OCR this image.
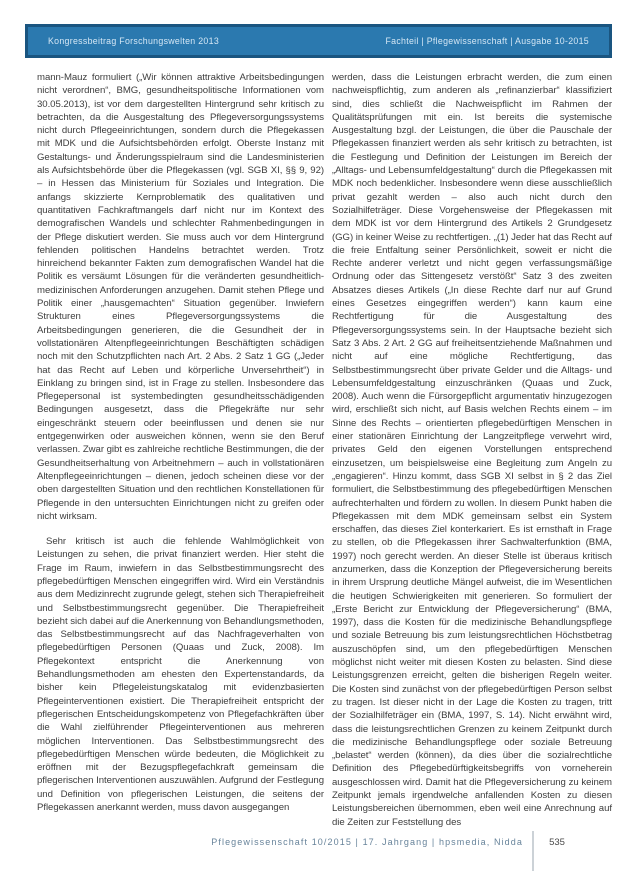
Kongressbeitrag Forschungswelten 2013	Fachteil | Pflegewissenschaft | Ausgabe 10-2015

mann-Mauz formuliert („Wir können attraktive Arbeitsbedingungen nicht verordnen“, BMG, gesundheitspolitische Informationen vom 30.05.2013), ist vor dem dargestellten Hintergrund sehr kritisch zu betrachten, da die Ausgestaltung des Pflegeversorgungssystems nicht durch Pflegeeinrichtungen, sondern durch die Pflegekassen mit MDK und die Aufsichtsbehörden erfolgt. Oberste Instanz mit Gestaltungs- und Änderungsspielraum sind die Landesministerien als Aufsichtsbehörde über die Pflegekassen (vgl. SGB XI, §§ 9, 92) – in Hessen das Ministerium für Soziales und Integration. Die anfangs skizzierte Kernproblematik des qualitativen und quantitativen Fachkraftmangels darf nicht nur im Kontext des demografischen Wandels und schlechter Rahmenbedingungen in der Pflege diskutiert werden. Sie muss auch vor dem Hintergrund fehlenden politischen Handelns betrachtet werden. Trotz hinreichend bekannter Fakten zum demografischen Wandel hat die Politik es versäumt Lösungen für die veränderten gesundheitlich-medizinischen Anforderungen anzugehen. Damit stehen Pflege und Politik einer „hausgemachten“ Situation gegenüber. Inwiefern Strukturen eines Pflegeversorgungssystems die Arbeitsbedingungen generieren, die die Gesundheit der in vollstationären Altenpflegeeinrichtungen Beschäftigten schädigen noch mit den Schutzpflichten nach Art. 2 Abs. 2 Satz 1 GG („Jeder hat das Recht auf Leben und körperliche Unversehrtheit“) in Einklang zu bringen sind, ist in Frage zu stellen. Insbesondere das Pflegepersonal ist systembedingten gesundheitsschädigenden Bedingungen ausgesetzt, dass die Pflegekräfte nur sehr eingeschränkt steuern oder beeinflussen und denen sie nur entgegenwirken oder ausweichen können, wenn sie den Beruf verlassen. Zwar gibt es zahlreiche rechtliche Bestimmungen, die der Gesundheitserhaltung von Arbeitnehmern – auch in vollstationären Altenpflegeeinrichtungen – dienen, jedoch scheinen diese vor der oben dargestellten Situation und den rechtlichen Konstellationen für Pflegende in den untersuchten Einrichtungen nicht zu greifen oder nicht wirksam.

Sehr kritisch ist auch die fehlende Wahlmöglichkeit von Leistungen zu sehen, die privat finanziert werden. Hier steht die Frage im Raum, inwiefern in das Selbstbestimmungsrecht des pflegebedürftigen Menschen eingegriffen wird. Wird ein Verständnis aus dem Medizinrecht zugrunde gelegt, stehen sich Therapiefreiheit und Selbstbestimmungsrecht gegenüber. Die Therapiefreiheit bezieht sich dabei auf die Anerkennung von Behandlungsmethoden, das Selbstbestimmungsrecht auf das Nachfrageverhalten von pflegebedürftigen Personen (Quaas und Zuck, 2008). Im Pflegekontext entspricht die Anerkennung von Behandlungsmethoden am ehesten den Expertenstandards, da bisher kein Pflegeleistungskatalog mit evidenzbasierten Pflegeinterventionen existiert. Die Therapiefreiheit entspricht der pflegerischen Entscheidungskompetenz von Pflegefachkräften über die Wahl zielführender Pflegeinterventionen aus mehreren möglichen Interventionen. Das Selbstbestimmungsrecht des pflegebedürftigen Menschen würde bedeuten, die Möglichkeit zu eröffnen mit der Bezugspflegefachkraft gemeinsam die pflegerischen Interventionen auszuwählen. Aufgrund der Festlegung und Definition von pflegerischen Leistungen, die seitens der Pflegekassen anerkannt werden, muss davon ausgegangen

werden, dass die Leistungen erbracht werden, die zum einen nachweispflichtig, zum anderen als „refinanzierbar“ klassifiziert sind, dies schließt die Nachweispflicht im Rahmen der Qualitätsprüfungen mit ein. Ist bereits die systemische Ausgestaltung bzgl. der Leistungen, die über die Pauschale der Pflegekassen finanziert werden als sehr kritisch zu betrachten, ist die Festlegung und Definition der Leistungen im Bereich der „Alltags- und Lebensumfeldgestaltung“ durch die Pflegekassen mit MDK noch bedenklicher. Insbesondere wenn diese ausschließlich privat gezahlt werden – also auch nicht durch den Sozialhilfeträger. Diese Vorgehensweise der Pflegekassen mit dem MDK ist vor dem Hintergrund des Artikels 2 Grundgesetz (GG) in keiner Weise zu rechtfertigen. „(1) Jeder hat das Recht auf die freie Entfaltung seiner Persönlichkeit, soweit er nicht die Rechte anderer verletzt und nicht gegen verfassungsmäßige Ordnung oder das Sittengesetz verstößt“ Satz 3 des zweiten Absatzes dieses Artikels („In diese Rechte darf nur auf Grund eines Gesetzes eingegriffen werden“) kann kaum eine Rechtfertigung für die Ausgestaltung des Pflegeversorgungssystems sein. In der Hauptsache bezieht sich Satz 3 Abs. 2 Art. 2 GG auf freiheitsentziehende Maßnahmen und nicht auf eine mögliche Rechtfertigung, das Selbstbestimmungsrecht über private Gelder und die Alltags- und Lebensumfeldgestaltung einzuschränken (Quaas und Zuck, 2008). Auch wenn die Fürsorgepflicht argumentativ hinzugezogen wird, erschließt sich nicht, auf Basis welchen Rechts einem – im Sinne des Rechts – orientierten pflegebedürftigen Menschen in einer stationären Einrichtung der Langzeitpflege verwehrt wird, privates Geld den eigenen Vorstellungen entsprechend einzusetzen, um beispielsweise eine Begleitung zum Angeln zu „engagieren“. Hinzu kommt, dass SGB XI selbst in § 2 das Ziel formuliert, die Selbstbestimmung des pflegebedürftigen Menschen aufrechterhalten und fördern zu wollen. In diesem Punkt haben die Pflegekassen mit dem MDK gemeinsam selbst ein System erschaffen, das dieses Ziel konterkariert. Es ist ernsthaft in Frage zu stellen, ob die Pflegekassen ihrer Sachwalterfunktion (BMA, 1997) noch gerecht werden. An dieser Stelle ist überaus kritisch anzumerken, dass die Konzeption der Pflegeversicherung bereits in ihrem Ursprung deutliche Mängel aufweist, die im Wesentlichen die heutigen Schwierigkeiten mit generieren. So formuliert der „Erste Bericht zur Entwicklung der Pflegeversicherung“ (BMA, 1997), dass die Kosten für die medizinische Behandlungspflege und soziale Betreuung bis zum leistungsrechtlichen Höchstbetrag auszuschöpfen sind, um den pflegebedürftigen Menschen möglichst nicht weiter mit diesen Kosten zu belasten. Sind diese Leistungsgrenzen erreicht, gelten die bisherigen Regeln weiter. Die Kosten sind zunächst von der pflegebedürftigen Person selbst zu tragen. Ist dieser nicht in der Lage die Kosten zu tragen, tritt der Sozialhilfeträger ein (BMA, 1997, S. 14). Nicht erwähnt wird, dass die leistungsrechtlichen Grenzen zu keinem Zeitpunkt durch die medizinische Behandlungspflege oder soziale Betreuung „belastet“ werden (können), da dies über die sozialrechtliche Definition des Pflegebedürftigkeitsbegriffs von vorneherein ausgeschlossen wird. Damit hat die Pflegeversicherung zu keinem Zeitpunkt jemals irgendwelche anfallenden Kosten zu diesen Leistungsbereichen übernommen, eben weil eine Anrechnung auf die Zeiten zur Feststellung des

Pflegewissenschaft 10/2015 | 17. Jahrgang | hpsmedia, Nidda	535
